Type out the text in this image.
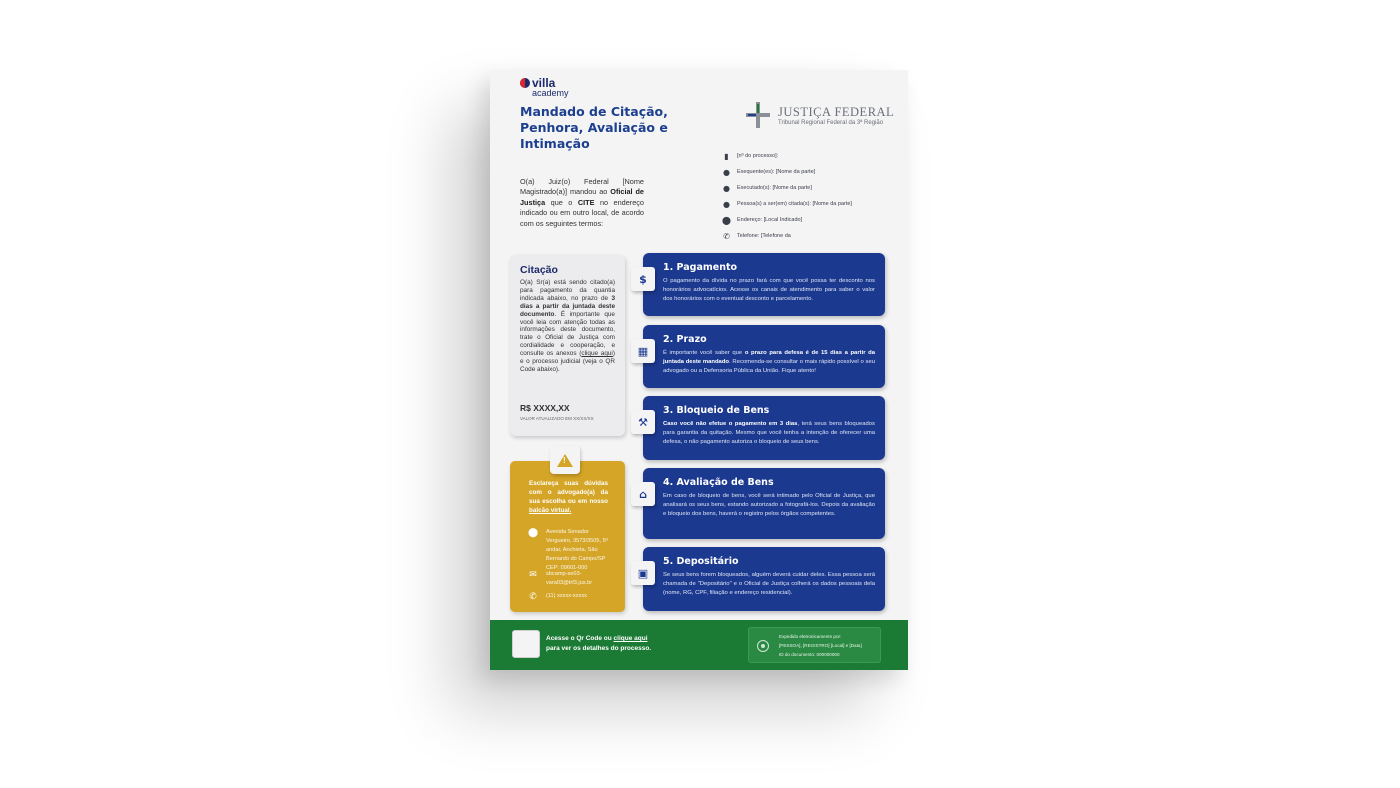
villa
academy
Mandado de Citação, Penhora, Avaliação e Intimação
JUSTIÇA FEDERAL
Tribunal Regional Federal da 3ª Região
▮	[nº do processo]:
● Exequente(es): [Nome da parte]
● Executado(s): [Nome da parte]
● Pessoa(s) a ser(em) citada(s): [Nome da parte]
⬤ Endereço: [Local Indicado]
✆ Telefone: [Telefone da
O(a) Juiz(o) Federal [Nome Magistrado(a)] mandou ao Oficial de Justiça que o CITE no endereço indicado ou em outro local, de acordo com os seguintes termos:
Citação
O(a) Sr(a) está sendo citado(a) para pagamento da quantia indicada abaixo, no prazo de 3 dias a partir da juntada deste documento. É importante que você leia com atenção todas as informações deste documento, trate o Oficial de Justiça com cordialidade e cooperação, e consulte os anexos (clique aqui) e o processo judicial (veja o QR Code abaixo).
R$ XXXX,XX
VALOR ATUALIZADO EM XX/XX/XX
!
Esclareça suas dúvidas com o advogado(a) da sua escolha ou em nosso balcão virtual.
⬤ Avenida Senador Vergueiro, 3573/3505, 5º andar, Anchieta, São Bernardo do Campo/SP CEP: 09601-000
✉ sbcamp-se03-vara03@trf3.jus.br
✆ (11) xxxxx-xxxxx
$
1. Pagamento
O pagamento da dívida no prazo fará com que você possa ter desconto nos honorários advocatícios. Acesse os canais de atendimento para saber o valor dos honorários com o eventual desconto e parcelamento.
▦
2. Prazo
É importante você saber que o prazo para defesa é de 15 dias a partir da juntada deste mandado. Recomenda-se consultar o mais rápido possível o seu advogado ou a Defensoria Pública da União. Fique atento!
⚒
3. Bloqueio de Bens
Caso você não efetue o pagamento em 3 dias, terá seus bens bloqueados para garantia da quitação. Mesmo que você tenha a intenção de oferecer uma defesa, o não pagamento autoriza o bloqueio de seus bens.
⌂
4. Avaliação de Bens
Em caso de bloqueio de bens, você será intimado pelo Oficial de Justiça, que analisará os seus bens, estando autorizado a fotografá-los. Depois da avaliação e bloqueio dos bens, haverá o registro pelos órgãos competentes.
▣
5. Depositário
Se seus bens forem bloqueados, alguém deverá cuidar deles. Essa pessoa será chamada de "Depositário" e o Oficial de Justiça colherá os dados pessoais dela (nome, RG, CPF, filiação e endereço residencial).
Acesse o Qr Code ou clique aqui
para ver os detalhes do processo.
Expedido eletronicamente por:
[PESSOA], [REGISTRO] [Local] e [Data]
ID do documento: 000000000
